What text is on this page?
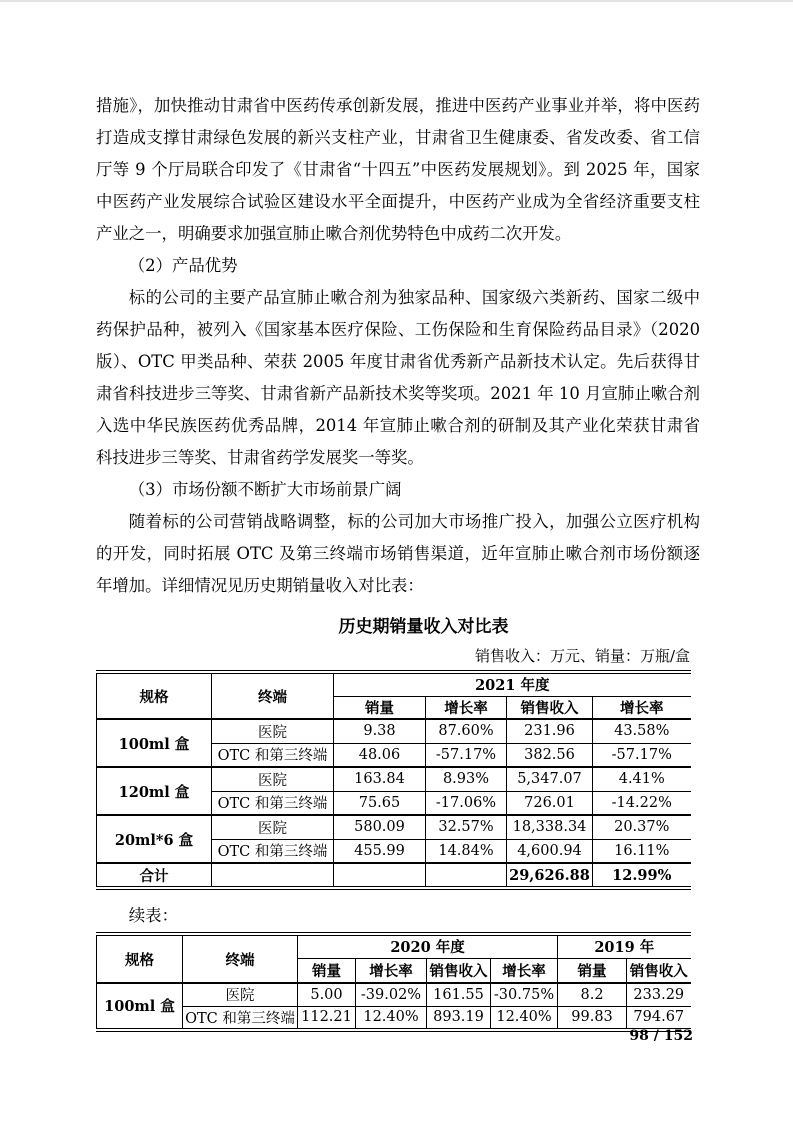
措施》，加快推动甘肃省中医药传承创新发展，推进中医药产业事业并举，将中医药打造成支撑甘肃绿色发展的新兴支柱产业，甘肃省卫生健康委、省发改委、省工信厅等 9 个厅局联合印发了《甘肃省“十四五”中医药发展规划》。到 2025 年，国家中医药产业发展综合试验区建设水平全面提升，中医药产业成为全省经济重要支柱产业之一，明确要求加强宣肺止嗽合剂优势特色中成药二次开发。

（2）产品优势

标的公司的主要产品宣肺止嗽合剂为独家品种、国家级六类新药、国家二级中药保护品种，被列入《国家基本医疗保险、工伤保险和生育保险药品目录》（2020 版）、OTC 甲类品种、荣获 2005 年度甘肃省优秀新产品新技术认定。先后获得甘肃省科技进步三等奖、甘肃省新产品新技术奖等奖项。2021 年 10 月宣肺止嗽合剂入选中华民族医药优秀品牌，2014 年宣肺止嗽合剂的研制及其产业化荣获甘肃省科技进步三等奖、甘肃省药学发展奖一等奖。

（3）市场份额不断扩大市场前景广阔

随着标的公司营销战略调整，标的公司加大市场推广投入，加强公立医疗机构的开发，同时拓展 OTC 及第三终端市场销售渠道，近年宣肺止嗽合剂市场份额逐年增加。详细情况见历史期销量收入对比表：

历史期销量收入对比表
销售收入：万元、销量：万瓶/盒
规格	终端	2021 年度			
		销量	增长率	销售收入	增长率
100ml 盒	医院	9.38	87.60%	231.96	43.58%
	OTC 和第三终端	48.06	-57.17%	382.56	-57.17%
120ml 盒	医院	163.84	8.93%	5,347.07	4.41%
	OTC 和第三终端	75.65	-17.06%	726.01	-14.22%
20ml*6 盒	医院	580.09	32.57%	18,338.34	20.37%
	OTC 和第三终端	455.99	14.84%	4,600.94	16.11%
合计				29,626.88	12.99%
续表：
规格	终端	2020 年度				2019 年	
		销量	增长率	销售收入	增长率	销量	销售收入
100ml 盒	医院	5.00	-39.02%	161.55	-30.75%	8.2	233.29
	OTC 和第三终端	112.21	12.40%	893.19	12.40%	99.83	794.67
98 / 152
